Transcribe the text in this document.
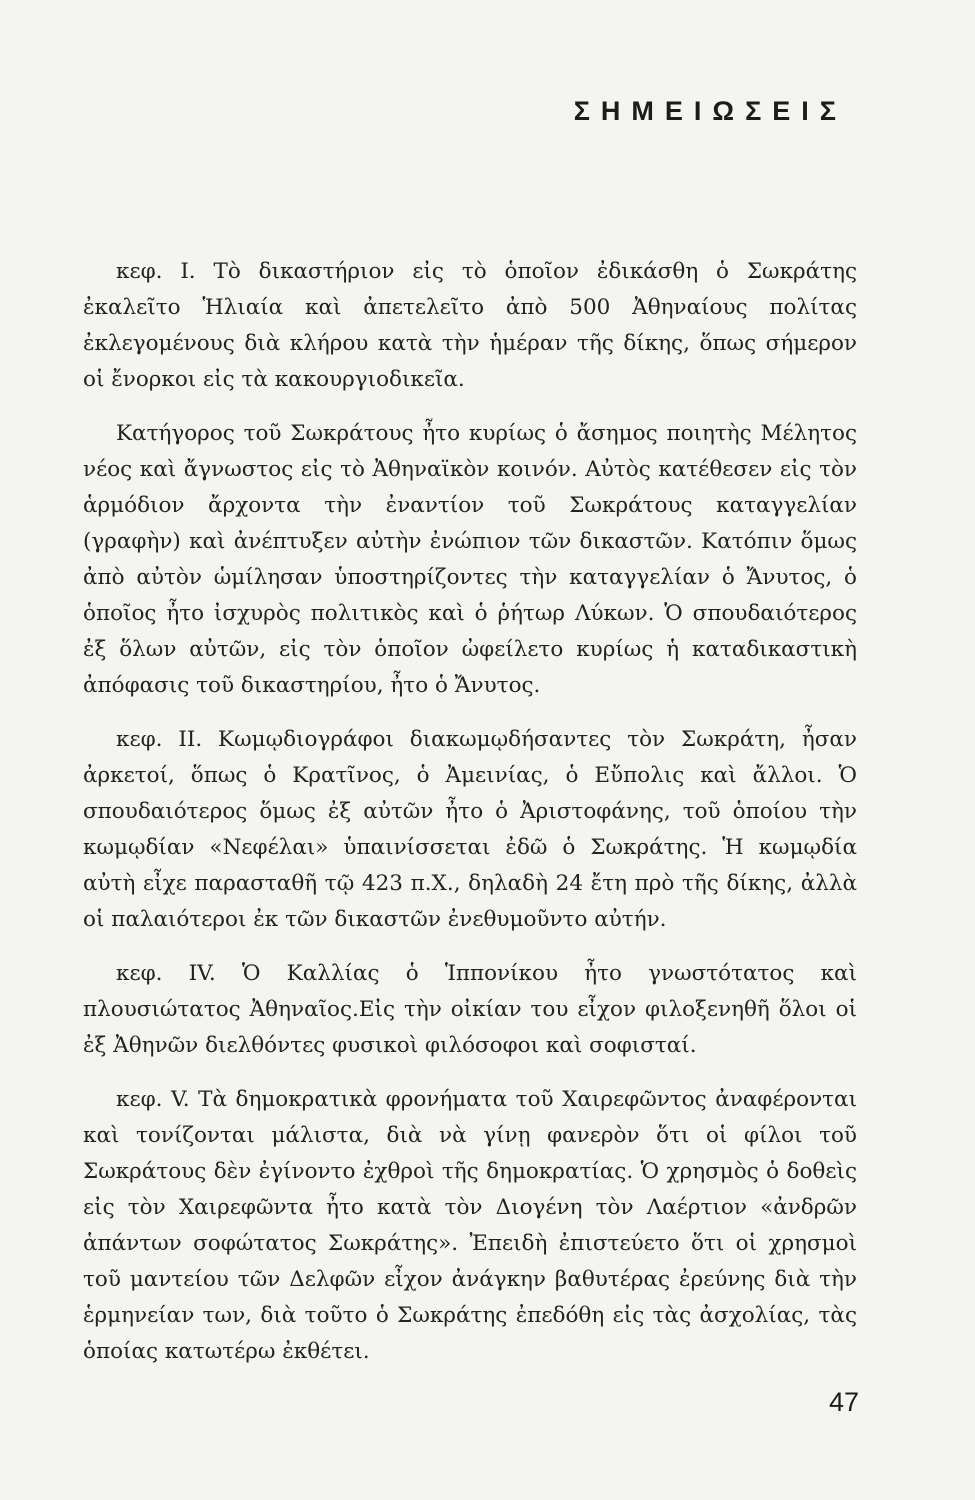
ΣΗΜΕΙΩΣΕΙΣ

κεφ. I. Τὸ δικαστήριον εἰς τὸ ὁποῖον ἐδικάσθη ὁ Σωκράτης ἐκαλεῖτο Ἡλιαία καὶ ἀπετελεῖτο ἀπὸ 500 Ἀθηναίους πολίτας ἐκλεγομένους διὰ κλήρου κατὰ τὴν ἡμέραν τῆς δίκης, ὅπως σήμερον οἱ ἔνορκοι εἰς τὰ κακουργιοδικεῖα.

Κατήγορος τοῦ Σωκράτους ἦτο κυρίως ὁ ἄσημος ποιητὴς Μέλητος νέος καὶ ἄγνωστος εἰς τὸ Ἀθηναϊκὸν κοινόν. Αὐτὸς κατέθεσεν εἰς τὸν ἁρμόδιον ἄρχοντα τὴν ἐναντίον τοῦ Σωκράτους καταγγελίαν (γραφὴν) καὶ ἀνέπτυξεν αὐτὴν ἐνώπιον τῶν δικαστῶν. Κατόπιν ὅμως ἀπὸ αὐτὸν ὡμίλησαν ὑποστηρίζοντες τὴν καταγγελίαν ὁ Ἄνυτος, ὁ ὁποῖος ἦτο ἰσχυρὸς πολιτικὸς καὶ ὁ ῥήτωρ Λύκων. Ὁ σπουδαιότερος ἐξ ὅλων αὐτῶν, εἰς τὸν ὁποῖον ὠφείλετο κυρίως ἡ καταδικαστικὴ ἀπόφασις τοῦ δικαστηρίου, ἦτο ὁ Ἄνυτος.

κεφ. II. Κωμῳδιογράφοι διακωμῳδήσαντες τὸν Σωκράτη, ἦσαν ἀρκετοί, ὅπως ὁ Κρατῖνος, ὁ Ἀμεινίας, ὁ Εὔπολις καὶ ἄλλοι. Ὁ σπουδαιότερος ὅμως ἐξ αὐτῶν ἦτο ὁ Ἀριστοφάνης, τοῦ ὁποίου τὴν κωμῳδίαν «Νεφέλαι» ὑπαινίσσεται ἐδῶ ὁ Σωκράτης. Ἡ κωμῳδία αὐτὴ εἶχε παρασταθῆ τῷ 423 π.Χ., δηλαδὴ 24 ἔτη πρὸ τῆς δίκης, ἀλλὰ οἱ παλαιότεροι ἐκ τῶν δικαστῶν ἐνεθυμοῦντο αὐτήν.

κεφ. IV. Ὁ Καλλίας ὁ Ἱππονίκου ἦτο γνωστότατος καὶ πλουσιώτατος Ἀθηναῖος.Εἰς τὴν οἰκίαν του εἶχον φιλοξενηθῆ ὅλοι οἱ ἐξ Ἀθηνῶν διελθόντες φυσικοὶ φιλόσοφοι καὶ σοφισταί.

κεφ. V. Τὰ δημοκρατικὰ φρονήματα τοῦ Χαιρεφῶντος ἀναφέρονται καὶ τονίζονται μάλιστα, διὰ νὰ γίνῃ φανερὸν ὅτι οἱ φίλοι τοῦ Σωκράτους δὲν ἐγίνοντο ἐχθροὶ τῆς δημοκρατίας. Ὁ χρησμὸς ὁ δοθεὶς εἰς τὸν Χαιρεφῶντα ἦτο κατὰ τὸν Διογένη τὸν Λαέρτιον «ἀνδρῶν ἁπάντων σοφώτατος Σωκράτης». Ἐπειδὴ ἐπιστεύετο ὅτι οἱ χρησμοὶ τοῦ μαντείου τῶν Δελφῶν εἶχον ἀνάγκην βαθυτέρας ἐρεύνης διὰ τὴν ἑρμηνείαν των, διὰ τοῦτο ὁ Σωκράτης ἐπεδόθη εἰς τὰς ἀσχολίας, τὰς ὁποίας κατωτέρω ἐκθέτει.

47
